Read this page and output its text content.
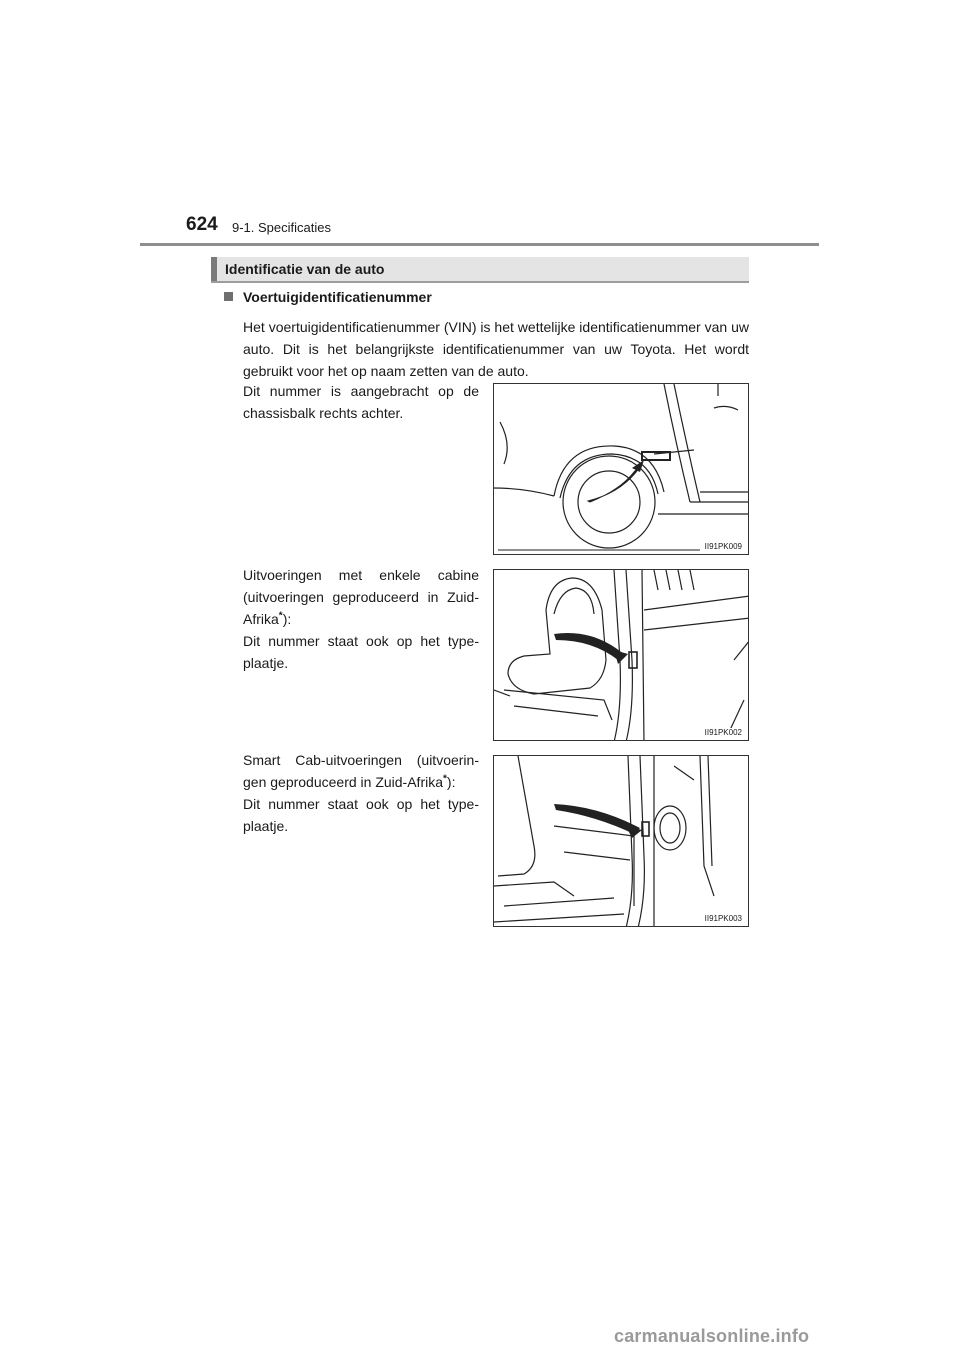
624 9-1. Specificaties
Identificatie van de auto
Voertuigidentificatienummer

Het voertuigidentificatienummer (VIN) is het wettelijke identificatienummer van uw auto. Dit is het belangrijkste identificatienummer van uw Toyota. Het wordt gebruikt voor het op naam zetten van de auto.

Dit nummer is aangebracht op de chassisbalk rechts achter.

II91PK009
Uitvoeringen met enkele cabine (uitvoeringen geproduceerd in Zuid-Afrika*):
Dit nummer staat ook op het type-plaatje.
II91PK002
Smart Cab-uitvoeringen (uitvoerin-gen geproduceerd in Zuid-Afrika*):
Dit nummer staat ook op het type-plaatje.
II91PK003
carmanualsonline.info
